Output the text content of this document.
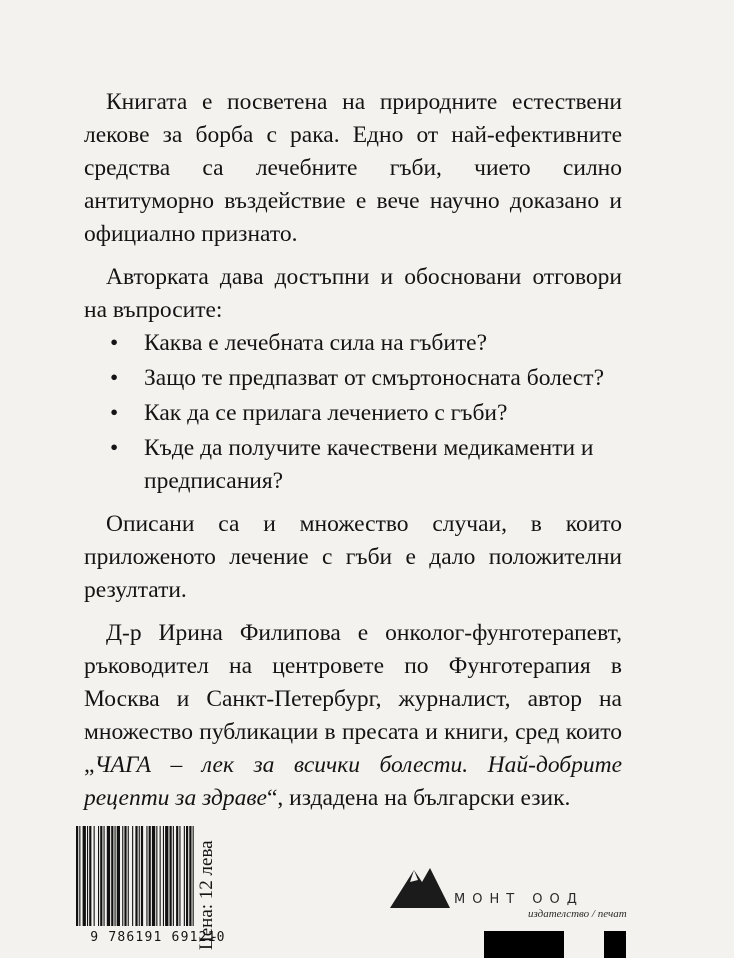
Книгата е посветена на природните естествени лекове за борба с рака. Едно от най-ефективните средства са лечебните гъби, чието силно антитуморно въздействие е вече научно доказано и официално признато.

Авторката дава достъпни и обосновани отговори на въпросите:

• Каква е лечебната сила на гъбите?
• Защо те предпазват от смъртоносната болест?
• Как да се прилага лечението с гъби?
• Къде да получите качествени медикаменти и предписания?

Описани са и множество случаи, в които приложеното лечение с гъби е дало положителни резултати.

Д-р Ирина Филипова е онколог-фунготерапевт, ръководител на центровете по Фунготерапия в Москва и Санкт-Петербург, журналист, автор на множество публикации в пресата и книги, сред които „ЧАГА – лек за всички болести. Най-добрите рецепти за здраве“, издадена на български език.

9 786191 691210
Цена: 12 лева	МОНТ ООД
издателство / печат
